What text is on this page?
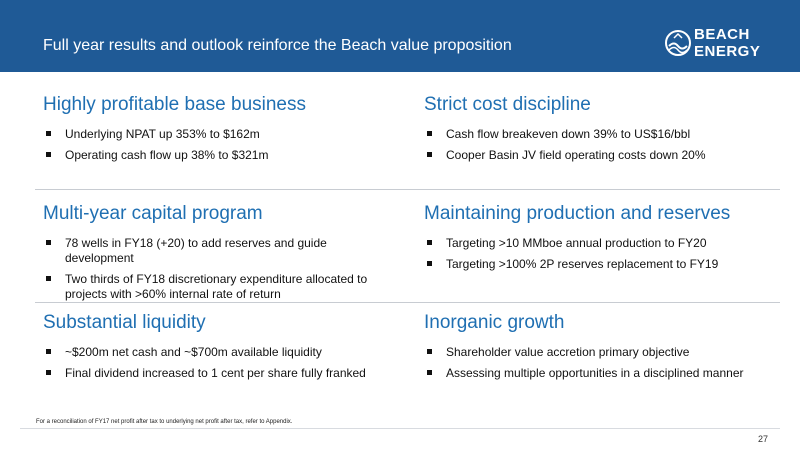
Full year results and outlook reinforce the Beach value proposition
BEACH
ENERGY
Highly profitable base business
Underlying NPAT up 353% to $162m
Operating cash flow up 38% to $321m
Strict cost discipline
Cash flow breakeven down 39% to US$16/bbl
Cooper Basin JV field operating costs down 20%
Multi-year capital program
78 wells in FY18 (+20) to add reserves and guide development
Two thirds of FY18 discretionary expenditure allocated to projects with >60% internal rate of return
Maintaining production and reserves
Targeting >10 MMboe annual production to FY20
Targeting >100% 2P reserves replacement to FY19
Substantial liquidity
~$200m net cash and ~$700m available liquidity
Final dividend increased to 1 cent per share fully franked
Inorganic growth
Shareholder value accretion primary objective
Assessing multiple opportunities in a disciplined manner
For a reconciliation of FY17 net profit after tax to underlying net profit after tax, refer to Appendix.
27
